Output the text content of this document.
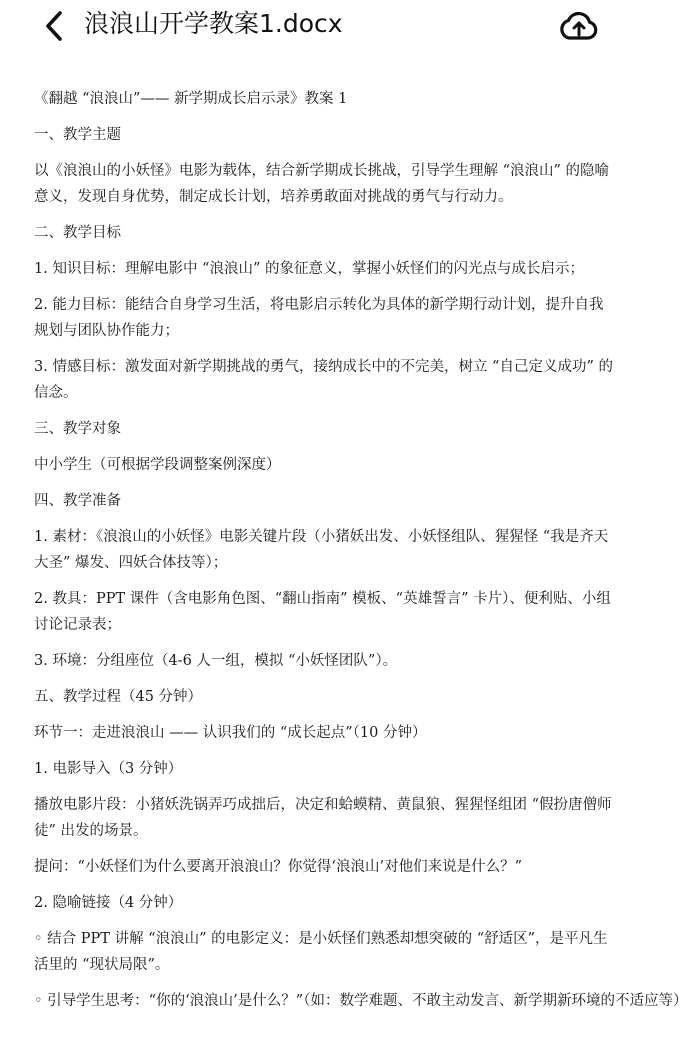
浪浪山开学教案1.docx

《翻越 “浪浪山”—— 新学期成长启示录》教案 1

一、教学主题

以《浪浪山的小妖怪》电影为载体，结合新学期成长挑战，引导学生理解 “浪浪山” 的隐喻意义，发现自身优势，制定成长计划，培养勇敢面对挑战的勇气与行动力。

二、教学目标

1. 知识目标：理解电影中 “浪浪山” 的象征意义，掌握小妖怪们的闪光点与成长启示；

2. 能力目标：能结合自身学习生活，将电影启示转化为具体的新学期行动计划，提升自我规划与团队协作能力；

3. 情感目标：激发面对新学期挑战的勇气，接纳成长中的不完美，树立 “自己定义成功” 的信念。

三、教学对象

中小学生（可根据学段调整案例深度）

四、教学准备

1. 素材：《浪浪山的小妖怪》电影关键片段（小猪妖出发、小妖怪组队、猩猩怪 “我是齐天大圣” 爆发、四妖合体技等）；

2. 教具：PPT 课件（含电影角色图、“翻山指南” 模板、“英雄誓言” 卡片）、便利贴、小组讨论记录表；

3. 环境：分组座位（4-6 人一组，模拟 “小妖怪团队”）。

五、教学过程（45 分钟）

环节一：走进浪浪山 —— 认识我们的 “成长起点”（10 分钟）

1. 电影导入（3 分钟）

播放电影片段：小猪妖洗锅弄巧成拙后，决定和蛤蟆精、黄鼠狼、猩猩怪组团 “假扮唐僧师徒” 出发的场景。

提问：“小妖怪们为什么要离开浪浪山？你觉得‘浪浪山’对他们来说是什么？”

2. 隐喻链接（4 分钟）

◦ 结合 PPT 讲解 “浪浪山” 的电影定义：是小妖怪们熟悉却想突破的 “舒适区”，是平凡生活里的 “现状局限”。

◦ 引导学生思考：“你的‘浪浪山’是什么？”（如：数学难题、不敢主动发言、新学期新环境的不适应等）
